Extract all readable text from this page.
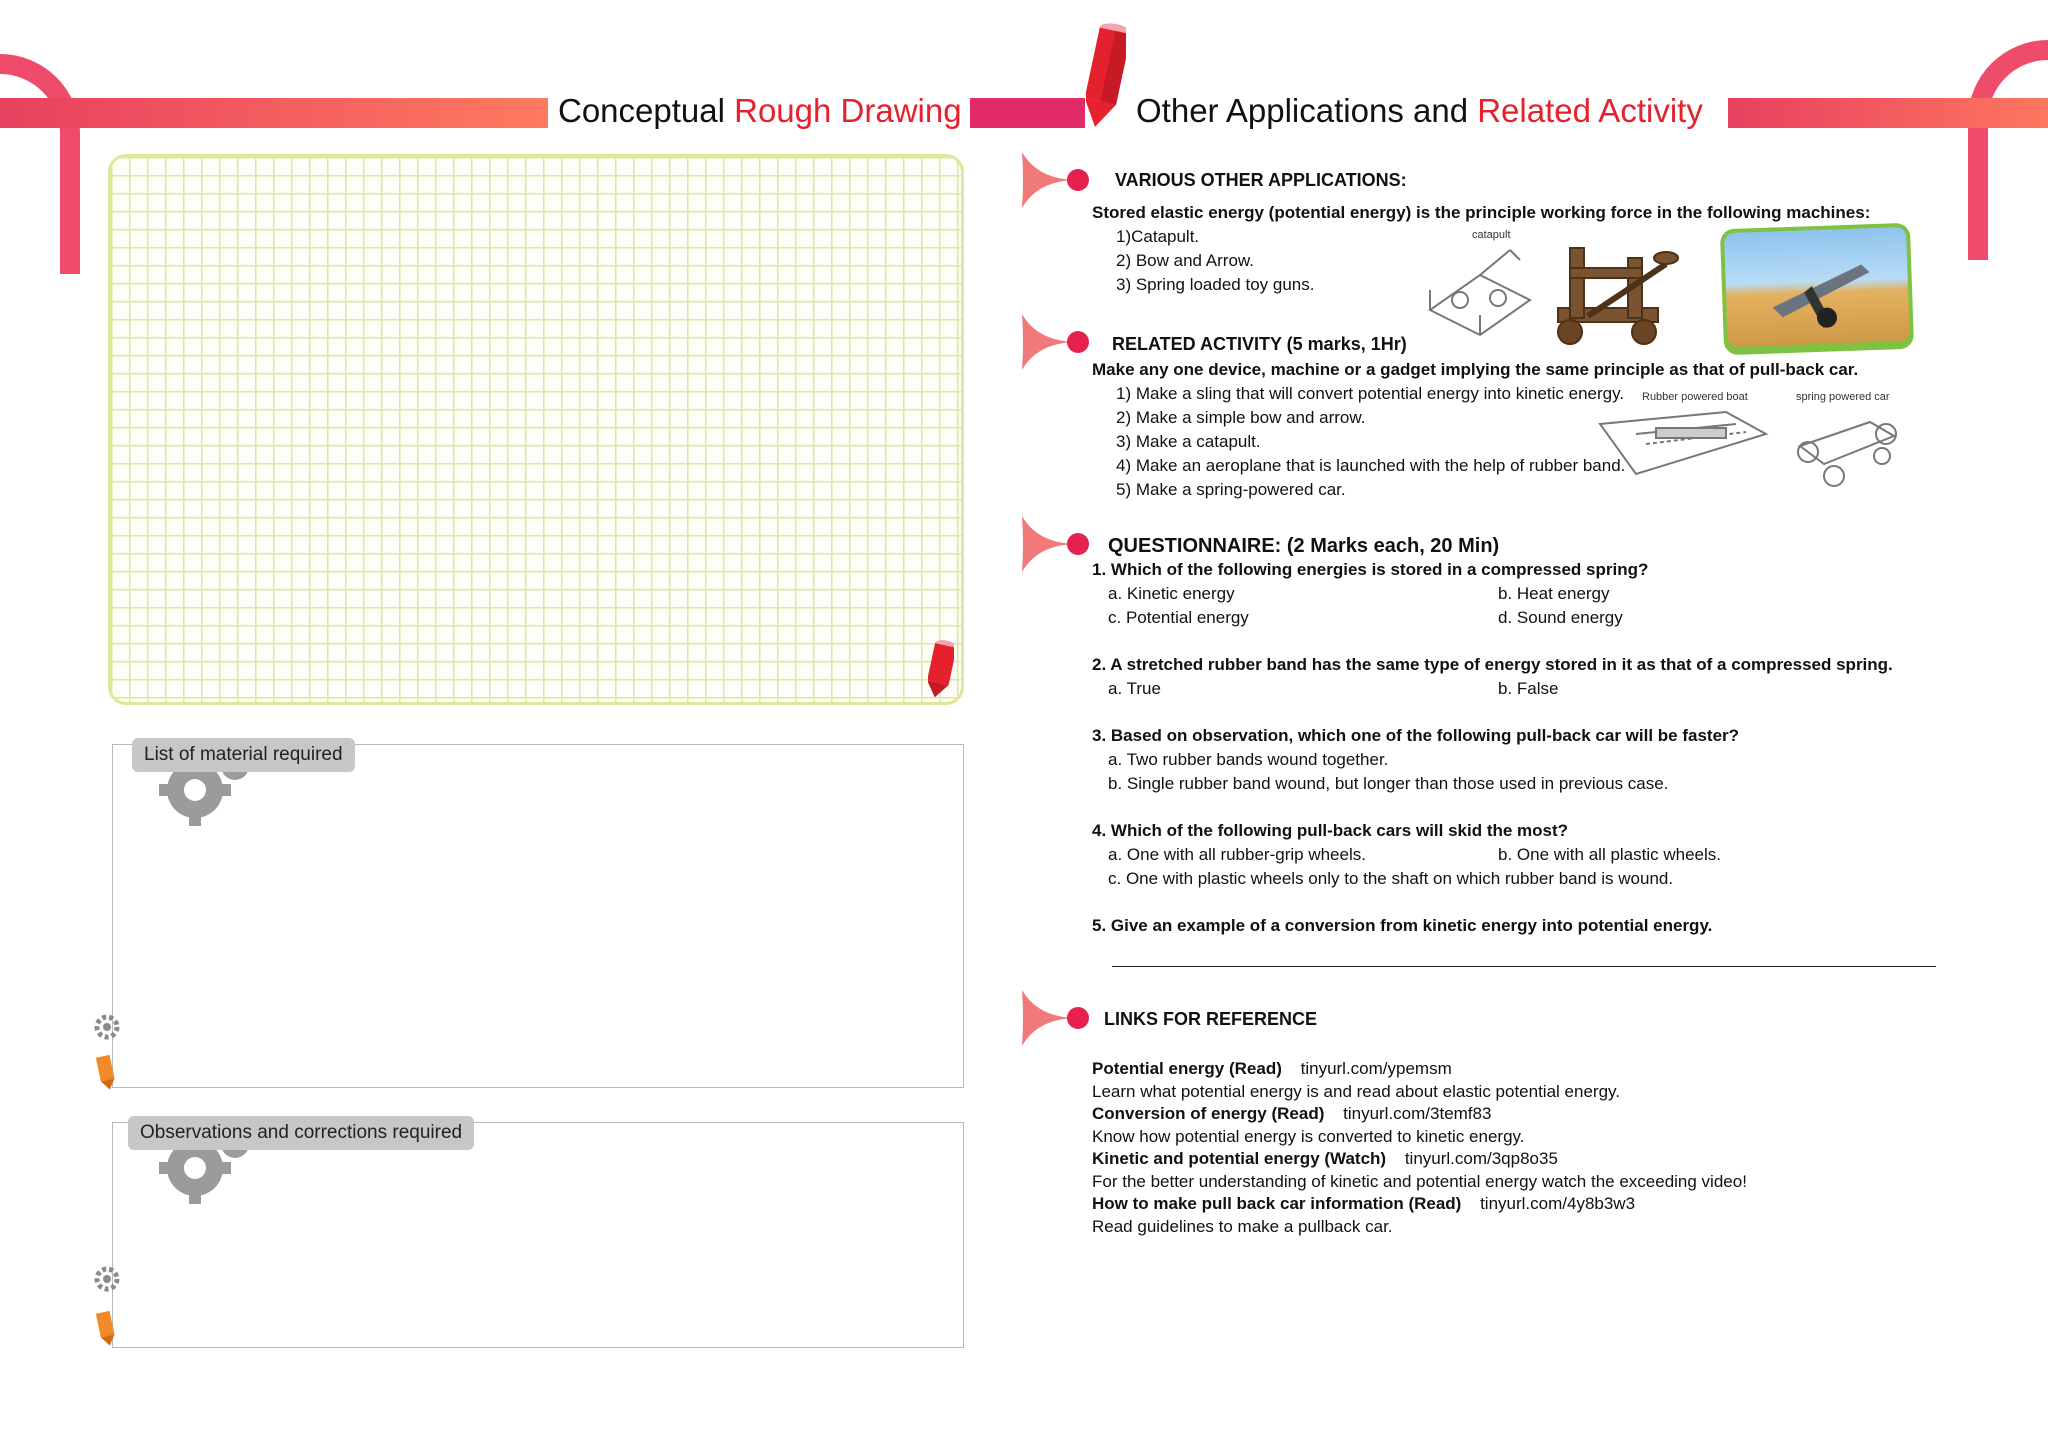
Conceptual Rough Drawing	Other Applications and Related Activity
List of material required
Observations and corrections required
VARIOUS OTHER APPLICATIONS:
Stored elastic energy (potential energy) is the principle working force in the following machines:
1)Catapult.
2) Bow and Arrow.
3) Spring loaded toy guns.
catapult
RELATED ACTIVITY (5 marks, 1Hr)
Make any one device, machine or a gadget implying the same principle as that of pull-back car.
1) Make a sling that will convert potential energy into kinetic energy.
2) Make a simple bow and arrow.
3) Make a catapult.
4) Make an aeroplane that is launched with the help of rubber band.
5) Make a spring-powered car.
Rubber powered boat	spring powered car
QUESTIONNAIRE: (2 Marks each, 20 Min)
1. Which of the following energies is stored in a compressed spring?
a. Kinetic energy	b. Heat energy
c. Potential energy	d. Sound energy
2. A stretched rubber band has the same type of energy stored in it as that of a compressed spring.
a. True	b. False
3. Based on observation, which one of the following pull-back car will be faster?
a. Two rubber bands wound together.
b. Single rubber band wound, but longer than those used in previous case.
4. Which of the following pull-back cars will skid the most?
a. One with all rubber-grip wheels.	b. One with all plastic wheels.
c. One with plastic wheels only to the shaft on which rubber band is wound.
5. Give an example of a conversion from kinetic energy into potential energy.
LINKS FOR REFERENCE
Potential energy (Read) tinyurl.com/ypemsm
Learn what potential energy is and read about elastic potential energy.
Conversion of energy (Read) tinyurl.com/3temf83
Know how potential energy is converted to kinetic energy.
Kinetic and potential energy (Watch) tinyurl.com/3qp8o35
For the better understanding of kinetic and potential energy watch the exceeding video!
How to make pull back car information (Read) tinyurl.com/4y8b3w3
Read guidelines to make a pullback car.
